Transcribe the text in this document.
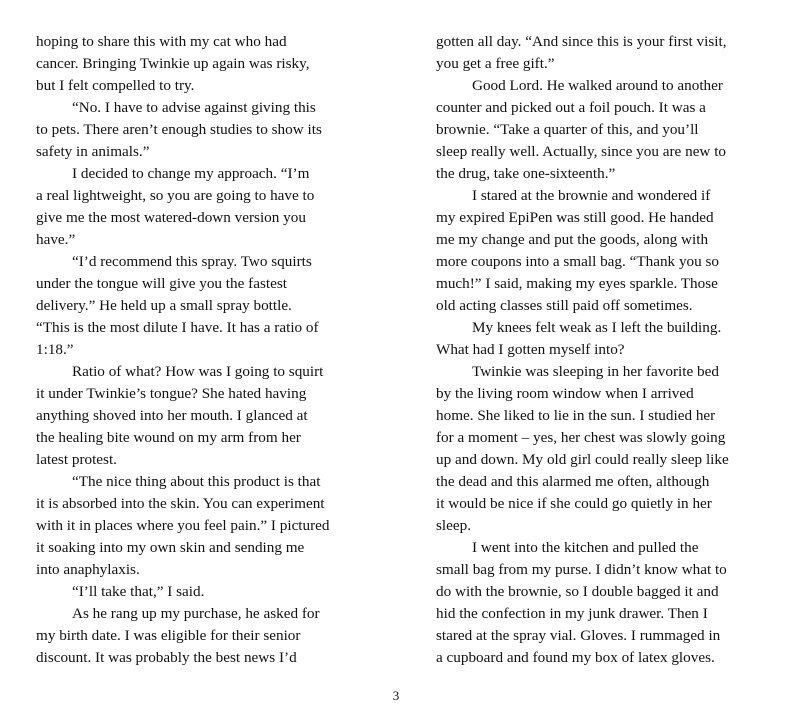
hoping to share this with my cat who had
cancer. Bringing Twinkie up again was risky,
but I felt compelled to try.
“No. I have to advise against giving this
to pets. There aren’t enough studies to show its
safety in animals.”
I decided to change my approach. “I’m
a real lightweight, so you are going to have to
give me the most watered-down version you
have.”
“I’d recommend this spray. Two squirts
under the tongue will give you the fastest
delivery.” He held up a small spray bottle.
“This is the most dilute I have. It has a ratio of
1:18.”
Ratio of what? How was I going to squirt
it under Twinkie’s tongue? She hated having
anything shoved into her mouth. I glanced at
the healing bite wound on my arm from her
latest protest.
“The nice thing about this product is that
it is absorbed into the skin. You can experiment
with it in places where you feel pain.” I pictured
it soaking into my own skin and sending me
into anaphylaxis.
“I’ll take that,” I said.
As he rang up my purchase, he asked for
my birth date. I was eligible for their senior
discount. It was probably the best news I’d
gotten all day. “And since this is your first visit,
you get a free gift.”
Good Lord. He walked around to another
counter and picked out a foil pouch. It was a
brownie. “Take a quarter of this, and you’ll
sleep really well. Actually, since you are new to
the drug, take one-sixteenth.”
I stared at the brownie and wondered if
my expired EpiPen was still good. He handed
me my change and put the goods, along with
more coupons into a small bag. “Thank you so
much!” I said, making my eyes sparkle. Those
old acting classes still paid off sometimes.
My knees felt weak as I left the building.
What had I gotten myself into?
Twinkie was sleeping in her favorite bed
by the living room window when I arrived
home. She liked to lie in the sun. I studied her
for a moment – yes, her chest was slowly going
up and down. My old girl could really sleep like
the dead and this alarmed me often, although
it would be nice if she could go quietly in her
sleep.
I went into the kitchen and pulled the
small bag from my purse. I didn’t know what to
do with the brownie, so I double bagged it and
hid the confection in my junk drawer. Then I
stared at the spray vial. Gloves. I rummaged in
a cupboard and found my box of latex gloves.
3
